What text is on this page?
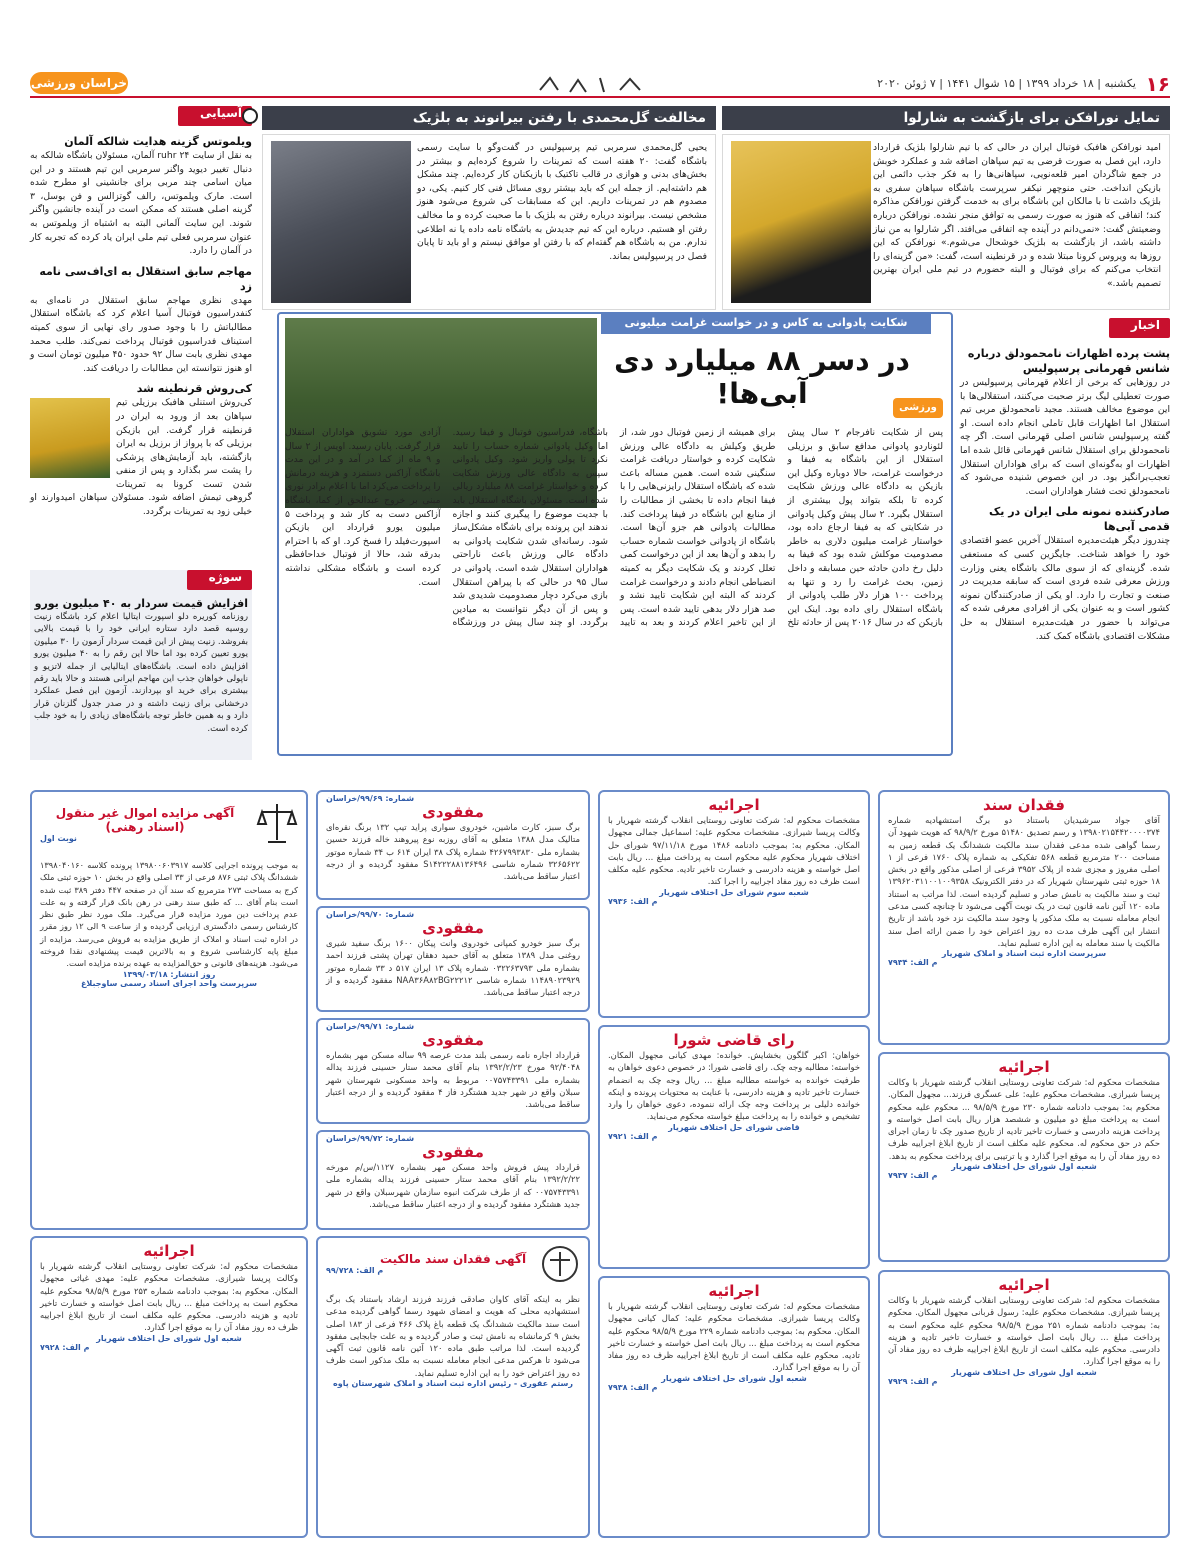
۱۶
یکشنبه | ۱۸ خرداد ۱۳۹۹ | ۱۵ شوال ۱۴۴۱ | ۷ ژوئن ۲۰۲۰
خراسان ورزشی
تمایل نورافکن برای بازگشت به شارلوا

امید نورافکن هافبک فوتبال ایران در حالی که با تیم شارلوا بلژیک قرارداد دارد، این فصل به صورت قرضی به تیم سپاهان اضافه شد و عملکرد خوبش در جمع شاگردان امیر قلعه‌نویی، سپاهانی‌ها را به فکر جذب دائمی این بازیکن انداخت. حتی منوچهر نیکفر سرپرست باشگاه سپاهان سفری به بلژیک داشت تا با مالکان این باشگاه برای به خدمت گرفتن نورافکن مذاکره کند؛ اتفاقی که هنوز به صورت رسمی به توافق منجر نشده. نورافکن درباره وضعیتش گفت: «نمی‌دانم در آینده چه اتفاقی می‌افتد. اگر شارلوا به من نیاز داشته باشد، از بازگشت به بلژیک خوشحال می‌شوم.» نورافکن که این روزها به ویروس کرونا مبتلا شده و در قرنطینه است، گفت: «من گزینه‌ای را انتخاب می‌کنم که برای فوتبال و البته حضورم در تیم ملی ایران بهترین تصمیم باشد.»

مخالفت گل‌محمدی با رفتن بیرانوند به بلژیک

یحیی گل‌محمدی سرمربی تیم پرسپولیس در گفت‌وگو با سایت رسمی باشگاه گفت: ۲۰ هفته است که تمرینات را شروع کرده‌ایم و بیشتر در بخش‌های بدنی و هوازی در قالب تاکتیک با بازیکنان کار کرده‌ایم. چند مشکل هم داشته‌ایم. از جمله این که باید بیشتر روی مسائل فنی کار کنیم. یکی، دو مصدوم هم در تمرینات داریم. این که مسابقات کی شروع می‌شود هنوز مشخص نیست. بیرانوند درباره رفتن به بلژیک با ما صحبت کرده و ما مخالف رفتن او هستیم. درباره این که تیم جدیدش به باشگاه نامه داده یا نه اطلاعی ندارم. من به باشگاه هم گفته‌ام که با رفتن او موافق نیستم و او باید تا پایان فصل در پرسپولیس بماند.

آسیایی
ویلموتس گزینه هدایت شالکه آلمان

به نقل از سایت ۲۴ ruhr آلمان، مسئولان باشگاه شالکه به دنبال تغییر دیوید واگنر سرمربی این تیم هستند و در این میان اسامی چند مربی برای جانشینی او مطرح شده است. مارک ویلموتس، رالف گوتزالس و فن بوسل، ۳ گزینه اصلی هستند که ممکن است در آینده جانشین واگنر شوند. این سایت آلمانی البته به اشتباه از ویلموتس به عنوان سرمربی فعلی تیم ملی ایران یاد کرده که تجربه کار در آلمان را دارد.

مهاجم سابق استقلال به ای‌اف‌سی نامه زد

مهدی نظری مهاجم سابق استقلال در نامه‌ای به کنفدراسیون فوتبال آسیا اعلام کرد که باشگاه استقلال مطالباتش را با وجود صدور رای نهایی از سوی کمیته استیناف فدراسیون فوتبال پرداخت نمی‌کند. طلب محمد مهدی نظری بابت سال ۹۲ حدود ۴۵۰ میلیون تومان است و او هنوز نتوانسته این مطالبات را دریافت کند.

کی‌روش قرنطینه شد

کی‌روش استنلی هافبک برزیلی تیم سپاهان بعد از ورود به ایران در قرنطینه قرار گرفت. این بازیکن برزیلی که با پرواز از برزیل به ایران بازگشته، باید آزمایش‌های پزشکی را پشت سر بگذارد و پس از منفی شدن تست کرونا به تمرینات گروهی تیمش اضافه شود. مسئولان سپاهان امیدوارند او خیلی زود به تمرینات برگردد.

سوژه
افزایش قیمت سردار به ۴۰ میلیون یورو

روزنامه کوریره دلو اسپورت ایتالیا اعلام کرد باشگاه زنیت روسیه قصد دارد ستاره ایرانی خود را با قیمت بالایی بفروشد. زنیت پیش از این قیمت سردار آزمون را ۳۰ میلیون یورو تعیین کرده بود اما حالا این رقم را به ۴۰ میلیون یورو افزایش داده است. باشگاه‌های ایتالیایی از جمله لاتزیو و ناپولی خواهان جذب این مهاجم ایرانی هستند و حالا باید رقم بیشتری برای خرید او بپردازند. آزمون این فصل عملکرد درخشانی برای زنیت داشته و در صدر جدول گلزنان قرار دارد و به همین خاطر توجه باشگاه‌های زیادی را به خود جلب کرده است.

شکایت پادوانی به کاس و در خواست غرامت میلیونی
در دسر ۸۸ میلیارد دی آبی‌ها!	ورزشی

پس از شکایت نافرجام ۲ سال پیش لئوناردو پادوانی مدافع سابق و برزیلی استقلال از این باشگاه به فیفا و درخواست غرامت، حالا دوباره وکیل این بازیکن به دادگاه عالی ورزش شکایت کرده تا بلکه بتواند پول بیشتری از استقلال بگیرد. ۲ سال پیش وکیل پادوانی در شکایتی که به فیفا ارجاع داده بود، خواستار غرامت میلیون دلاری به خاطر مصدومیت موکلش شده بود که فیفا به دلیل رخ دادن حادثه حین مسابقه و داخل زمین، بحث غرامت را رد و تنها به پرداخت ۱۰۰ هزار دلار طلب پادوانی از باشگاه استقلال رای داده بود. اینک این بازیکن که در سال ۲۰۱۶ پس از حادثه تلخ برای همیشه از زمین فوتبال دور شد، از طریق وکیلش به دادگاه عالی ورزش شکایت کرده و خواستار دریافت غرامت سنگینی شده است. همین مساله باعث شده که باشگاه استقلال رایزنی‌هایی را با فیفا انجام داده تا بخشی از مطالبات را از منابع این باشگاه در فیفا پرداخت کند. مطالبات پادوانی هم جزو آن‌ها است. باشگاه از پادوانی خواست شماره حساب را بدهد و آن‌ها بعد از این درخواست کمی تعلل کردند و یک شکایت دیگر به کمیته انضباطی انجام دادند و درخواست غرامت کردند که البته این شکایت تایید نشد و صد هزار دلار بدهی تایید شده است. پس از این تاخیر اعلام کردند و بعد به تایید باشگاه، فدراسیون فوتبال و فیفا رسید. اما وکیل پادوانی شماره حساب را تایید نکرد تا پولی واریز شود. وکیل پادوانی سپس به دادگاه عالی ورزش شکایت کرده و خواستار غرامت ۸۸ میلیارد ریالی شده است. مسئولان باشگاه استقلال باید با جدیت موضوع را پیگیری کنند و اجازه ندهند این پرونده برای باشگاه مشکل‌ساز شود. رسانه‌ای شدن شکایت پادوانی به دادگاه عالی ورزش باعث ناراحتی هواداران استقلال شده است. پادوانی در سال ۹۵ در حالی که با پیراهن استقلال بازی می‌کرد دچار مصدومیت شدیدی شد و پس از آن دیگر نتوانست به میادین برگردد. او چند سال پیش در ورزشگاه آزادی مورد تشویق هواداران استقلال قرار گرفت. پایان رسید. اویس از ۲ سال و ۹ ماه از کما در آمد و در این مدت باشگاه آزاکس دستمزد و هزینه درمانش را پرداخت می‌کرد اما با اعلام برادر نوری مبنی بر خروج عبدالحق از کما، باشگاه آزاکس دست به کار شد و پرداخت ۵ میلیون یورو قرارداد این بازیکن اسپورت‌فیلد را فسخ کرد. او که با احترام بدرقه شد، حالا از فوتبال خداحافظی کرده است و باشگاه مشکلی نداشته است.

اخبار
پشت پرده اظهارات نامحمودلق درباره شانس قهرمانی پرسپولیس

در روزهایی که برخی از اعلام قهرمانی پرسپولیس در صورت تعطیلی لیگ برتر صحبت می‌کنند، استقلالی‌ها با این موضوع مخالف هستند. مجید نامحمودلق مربی تیم استقلال اما اظهارات قابل تاملی انجام داده است. او گفته پرسپولیس شانس اصلی قهرمانی است. اگر چه نامحمودلق برای استقلال شانس قهرمانی قائل شده اما اظهارات او به‌گونه‌ای است که برای هواداران استقلال تعجب‌برانگیز بود. در این خصوص شنیده می‌شود که نامحمودلق تحت فشار هواداران است.

صادرکننده نمونه ملی ایران در یک قدمی آبی‌ها

چندروز دیگر هیئت‌مدیره استقلال آخرین عضو اقتصادی خود را خواهد شناخت. جایگزین کسی که مستعفی شده. گزینه‌ای که از سوی مالک باشگاه یعنی وزارت ورزش معرفی شده فردی است که سابقه مدیریت در صنعت و تجارت را دارد. او یکی از صادرکنندگان نمونه کشور است و به عنوان یکی از افرادی معرفی شده که می‌تواند با حضور در هیئت‌مدیره استقلال به حل مشکلات اقتصادی باشگاه کمک کند.

فقدان سند

آقای جواد سرشیدیان باستناد دو برگ استشهادیه شماره ۱۳۹۸۰۲۱۵۴۴۲۰۰۰۰۳۷۴ و رسم تصدیق ۵۱۴۸۰ مورخ ۹۸/۹/۲ که هویت شهود آن رسما گواهی شده مدعی فقدان سند مالکیت ششدانگ یک قطعه زمین به مساحت ۲۰۰ مترمربع قطعه ۵۶۸ تفکیکی به شماره پلاک ۱۷۶۰ فرعی از ۱ اصلی مفروز و مجزی شده از پلاک ۳۹۵۲ فرعی از اصلی مذکور واقع در بخش ۱۸ حوزه ثبتی شهرستان شهریار که در دفتر الکترونیک ۱۳۹۶۲۰۳۱۱۰۰۱۰۰۹۳۵۸ ثبت و سند مالکیت به نامش صادر و تسلیم گردیده است. لذا مراتب به استناد ماده ۱۲۰ آئین نامه قانون ثبت در یک نوبت آگهی می‌شود تا چنانچه کسی مدعی انجام معامله نسبت به ملک مذکور یا وجود سند مالکیت نزد خود باشد از تاریخ انتشار این آگهی ظرف مدت ده روز اعتراض خود را ضمن ارائه اصل سند مالکیت یا سند معامله به این اداره تسلیم نماید.

سرپرست اداره ثبت اسناد و املاک شهریار
م الف: ۷۹۳۴
اجرائیه

مشخصات محکوم له: شرکت تعاونی روستایی انقلاب گرشته شهریار با وکالت پریسا شیرازی. مشخصات محکوم علیه: علی عسگری فرزند... مجهول المکان. محکوم به: بموجب دادنامه شماره ۲۳۰ مورخ ۹۸/۵/۹ ... محکوم علیه محکوم است به پرداخت مبلغ دو میلیون و ششصد هزار ریال بابت اصل خواسته و پرداخت هزینه دادرسی و خسارت تاخیر تادیه از تاریخ صدور چک تا زمان اجرای حکم در حق محکوم له. محکوم علیه مکلف است از تاریخ ابلاغ اجراییه ظرف ده روز مفاد آن را به موقع اجرا گذارد و یا ترتیبی برای پرداخت محکوم به بدهد.

شعبه اول شورای حل اختلاف شهریار
م الف: ۷۹۳۷
اجرائیه

مشخصات محکوم له: شرکت تعاونی روستایی انقلاب گرشته شهریار با وکالت پریسا شیرازی. مشخصات محکوم علیه: رسول قربانی مجهول المکان. محکوم به: بموجب دادنامه شماره ۲۵۱ مورخ ۹۸/۵/۹ محکوم علیه محکوم است به پرداخت مبلغ ... ریال بابت اصل خواسته و خسارت تاخیر تادیه و هزینه دادرسی. محکوم علیه مکلف است از تاریخ ابلاغ اجراییه ظرف ده روز مفاد آن را به موقع اجرا گذارد.

شعبه اول شورای حل اختلاف شهریار
م الف: ۷۹۲۹
اجرائیه

مشخصات محکوم له: شرکت تعاونی روستایی انقلاب گرشته شهریار با وکالت پریسا شیرازی. مشخصات محکوم علیه: اسماعیل جمالی مجهول المکان. محکوم به: بموجب دادنامه ۱۴۸۶ مورخ ۹۷/۱۱/۱۸ شورای حل اختلاف شهریار محکوم علیه محکوم است به پرداخت مبلغ ... ریال بابت اصل خواسته و هزینه دادرسی و خسارت تاخیر تادیه. محکوم علیه مکلف است ظرف ده روز مفاد اجراییه را اجرا کند.

شعبه سوم شورای حل اختلاف شهریار
م الف: ۷۹۳۶
رای قاضی شورا

خواهان: اکبر گلگون بخشایش. خوانده: مهدی کیانی مجهول المکان. خواسته: مطالبه وجه چک. رای قاضی شورا: در خصوص دعوی خواهان به طرفیت خوانده به خواسته مطالبه مبلغ ... ریال وجه چک به انضمام خسارت تاخیر تادیه و هزینه دادرسی، با عنایت به محتویات پرونده و اینکه خوانده دلیلی بر پرداخت وجه چک ارائه ننموده، دعوی خواهان را وارد تشخیص و خوانده را به پرداخت مبلغ خواسته محکوم می‌نماید.

قاضی شورای حل اختلاف شهریار
م الف: ۷۹۲۱
اجرائیه

مشخصات محکوم له: شرکت تعاونی روستایی انقلاب گرشته شهریار با وکالت پریسا شیرازی. مشخصات محکوم علیه: کمال کیانی مجهول المکان. محکوم به: بموجب دادنامه شماره ۲۲۹ مورخ ۹۸/۵/۹ محکوم علیه محکوم است به پرداخت مبلغ ... ریال بابت اصل خواسته و خسارت تاخیر تادیه. محکوم علیه مکلف است از تاریخ ابلاغ اجراییه ظرف ده روز مفاد آن را به موقع اجرا گذارد.

شعبه اول شورای حل اختلاف شهریار
م الف: ۷۹۳۸
شماره: ۹۹/۶۹/خراسان
مفقودی

برگ سبز، کارت ماشین، خودروی سواری پراید تیپ ۱۳۲ برنگ نقره‌ای متالیک مدل ۱۳۸۸ متعلق به آقای روزبه نوع پیروهند خاله فرزند حسین بشماره ملی ۴۲۶۷۹۹۳۸۳۰ شماره پلاک ۳۸ ایران ۶۱۴ ب ۳۴ شماره موتور ۳۲۶۵۶۲۲ شماره شاسی S۱۴۲۲۲۸۸۱۳۶۴۹۶ مفقود گردیده و از درجه اعتبار ساقط می‌باشد.

شماره: ۹۹/۷۰/خراسان
مفقودی

برگ سبز خودرو کمپانی خودروی وانت پیکان ۱۶۰۰ برنگ سفید شیری روغنی مدل ۱۳۸۹ متعلق به آقای حمید دهقان تهران پشتی فرزند احمد بشماره ملی ۰۳۲۲۶۳۷۹۳ شماره پلاک ۱۳ ایران ۵۱۷ د ۳۳ شماره موتور ۱۱۴۸۹۰۲۳۹۲۹ شماره شاسی NAA۳۶A۸۲BG۲۲۲۱۲ مفقود گردیده و از درجه اعتبار ساقط می‌باشد.

شماره: ۹۹/۷۱/خراسان
مفقودی

قرارداد اجاره نامه رسمی بلند مدت عرصه ۹۹ ساله مسکن مهر بشماره ۹۲/۴۰۴۸ مورخ ۱۳۹۲/۲/۲۳ بنام آقای محمد ستار حسینی فرزند یداله بشماره ملی ۰۰۷۵۷۴۳۳۹۱ مربوط به واحد مسکونی شهرستان شهر سبلان واقع در شهر جدید هشتگرد فاز ۴ مفقود گردیده و از درجه اعتبار ساقط می‌باشد.

شماره: ۹۹/۷۲/خراسان
مفقودی

قرارداد پیش فروش واحد مسکن مهر بشماره ۱۱۲۷/س/م مورخه ۱۳۹۲/۲/۲۲ بنام آقای محمد ستار حسینی فرزند یداله بشماره ملی ۰۰۷۵۷۴۳۳۹۱ که از طرف شرکت انبوه سازمان شهرسبلان واقع در شهر جدید هشتگرد مفقود گردیده و از درجه اعتبار ساقط می‌باشد.

آگهی فقدان سند مالکیت
م الف: ۹۹/۷۲۸

نظر به اینکه آقای کاوان صادقی فرزند فرزند ارشاد باستناد یک برگ استشهادیه محلی که هویت و امضای شهود رسما گواهی گردیده مدعی است سند مالکیت ششدانگ یک قطعه باغ پلاک ۴۶۶ فرعی از ۱۸۳ اصلی بخش ۹ کرمانشاه به نامش ثبت و صادر گردیده و به علت جابجایی مفقود گردیده است. لذا مراتب طبق ماده ۱۲۰ آئین نامه قانون ثبت آگهی می‌شود تا هرکس مدعی انجام معامله نسبت به ملک مذکور است ظرف ده روز اعتراض خود را به این اداره تسلیم نماید.

رستم عقوری - رئیس اداره ثبت اسناد و املاک شهرستان پاوه
آگهی مزایده اموال غیر منقول (اسناد رهنی)
نوبت اول

به موجب پرونده اجرایی کلاسه ۱۳۹۸۰۰۶۰۳۹۱۷ پرونده کلاسه ۱۳۹۸۰۴۰۱۶۰ ششدانگ پلاک ثبتی ۸۷۶ فرعی از ۳۳ اصلی واقع در بخش ۱۰ حوزه ثبتی ملک کرج به مساحت ۲۷۳ مترمربع که سند آن در صفحه ۴۴۷ دفتر ۳۸۹ ثبت شده است بنام آقای ... که طبق سند رهنی در رهن بانک قرار گرفته و به علت عدم پرداخت دین مورد مزایده قرار می‌گیرد. ملک مورد نظر طبق نظر کارشناس رسمی دادگستری ارزیابی گردیده و از ساعت ۹ الی ۱۲ روز مقرر در اداره ثبت اسناد و املاک از طریق مزایده به فروش می‌رسد. مزایده از مبلغ پایه کارشناسی شروع و به بالاترین قیمت پیشنهادی نقدا فروخته می‌شود. هزینه‌های قانونی و حق‌المزایده به عهده برنده مزایده است.

روز انتشار: ۱۳۹۹/۰۳/۱۸
سرپرست واحد اجرای اسناد رسمی ساوجبلاغ
اجرائیه

مشخصات محکوم له: شرکت تعاونی روستایی انقلاب گرشته شهریار با وکالت پریسا شیرازی. مشخصات محکوم علیه: مهدی غیاثی مجهول المکان. محکوم به: بموجب دادنامه شماره ۲۵۳ مورخ ۹۸/۵/۹ محکوم علیه محکوم است به پرداخت مبلغ ... ریال بابت اصل خواسته و خسارت تاخیر تادیه و هزینه دادرسی. محکوم علیه مکلف است از تاریخ ابلاغ اجراییه ظرف ده روز مفاد آن را به موقع اجرا گذارد.

شعبه اول شورای حل اختلاف شهریار
م الف: ۷۹۲۸
